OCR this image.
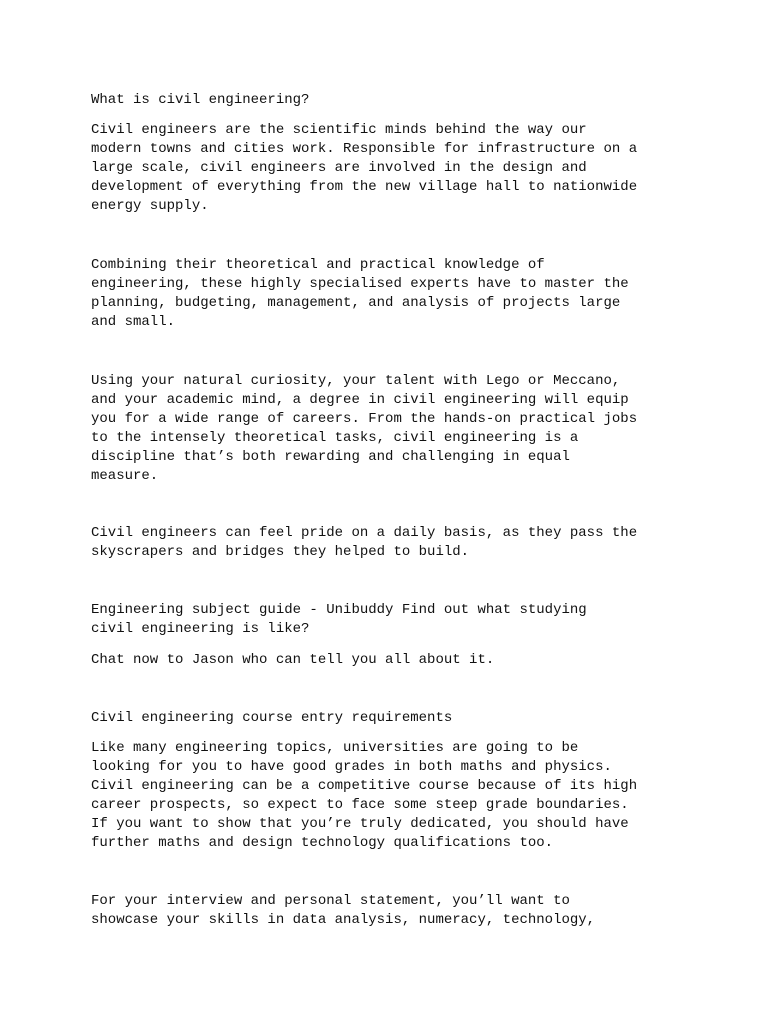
What is civil engineering?

Civil engineers are the scientific minds behind the way our
modern towns and cities work. Responsible for infrastructure on a
large scale, civil engineers are involved in the design and
development of everything from the new village hall to nationwide
energy supply.

Combining their theoretical and practical knowledge of
engineering, these highly specialised experts have to master the
planning, budgeting, management, and analysis of projects large
and small.

Using your natural curiosity, your talent with Lego or Meccano,
and your academic mind, a degree in civil engineering will equip
you for a wide range of careers. From the hands-on practical jobs
to the intensely theoretical tasks, civil engineering is a
discipline that’s both rewarding and challenging in equal
measure.

Civil engineers can feel pride on a daily basis, as they pass the
skyscrapers and bridges they helped to build.

Engineering subject guide - Unibuddy Find out what studying
civil engineering is like?

Chat now to Jason who can tell you all about it.

Civil engineering course entry requirements

Like many engineering topics, universities are going to be
looking for you to have good grades in both maths and physics.
Civil engineering can be a competitive course because of its high
career prospects, so expect to face some steep grade boundaries.
If you want to show that you’re truly dedicated, you should have
further maths and design technology qualifications too.

For your interview and personal statement, you’ll want to
showcase your skills in data analysis, numeracy, technology,
